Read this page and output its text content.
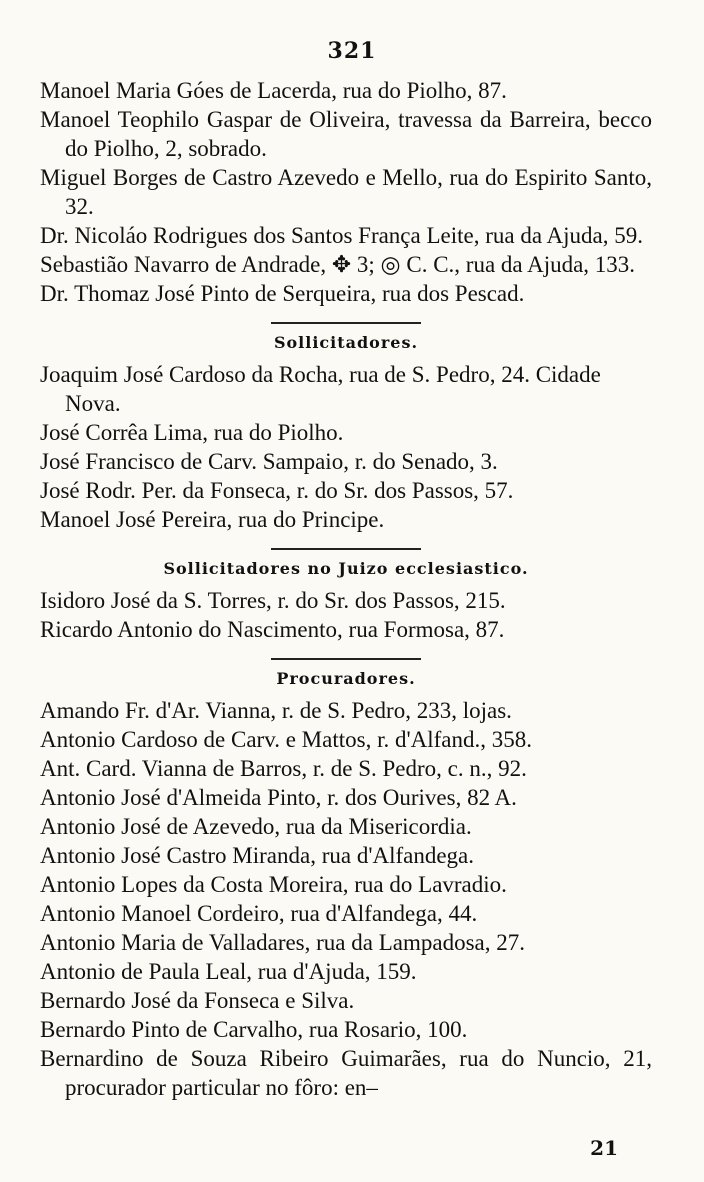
321
Manoel Maria Góes de Lacerda, rua do Piolho, 87.
Manoel Teophilo Gaspar de Oliveira, travessa da Barreira, becco do Piolho, 2, sobrado.
Miguel Borges de Castro Azevedo e Mello, rua do Espirito Santo, 32.
Dr. Nicoláo Rodrigues dos Santos França Leite, rua da Ajuda, 59.
Sebastião Navarro de Andrade, ✥ 3; ◎ C. C., rua da Ajuda, 133.
Dr. Thomaz José Pinto de Serqueira, rua dos Pescad.
Sollicitadores.
Joaquim José Cardoso da Rocha, rua de S. Pedro, 24. Cidade Nova.
José Corrêa Lima, rua do Piolho.
José Francisco de Carv. Sampaio, r. do Senado, 3.
José Rodr. Per. da Fonseca, r. do Sr. dos Passos, 57.
Manoel José Pereira, rua do Principe.
Sollicitadores no Juizo ecclesiastico.
Isidoro José da S. Torres, r. do Sr. dos Passos, 215.
Ricardo Antonio do Nascimento, rua Formosa, 87.
Procuradores.
Amando Fr. d'Ar. Vianna, r. de S. Pedro, 233, lojas.
Antonio Cardoso de Carv. e Mattos, r. d'Alfand., 358.
Ant. Card. Vianna de Barros, r. de S. Pedro, c. n., 92.
Antonio José d'Almeida Pinto, r. dos Ourives, 82 A.
Antonio José de Azevedo, rua da Misericordia.
Antonio José Castro Miranda, rua d'Alfandega.
Antonio Lopes da Costa Moreira, rua do Lavradio.
Antonio Manoel Cordeiro, rua d'Alfandega, 44.
Antonio Maria de Valladares, rua da Lampadosa, 27.
Antonio de Paula Leal, rua d'Ajuda, 159.
Bernardo José da Fonseca e Silva.
Bernardo Pinto de Carvalho, rua Rosario, 100.
Bernardino de Souza Ribeiro Guimarães, rua do Nuncio, 21, procurador particular no fôro: en–
21
